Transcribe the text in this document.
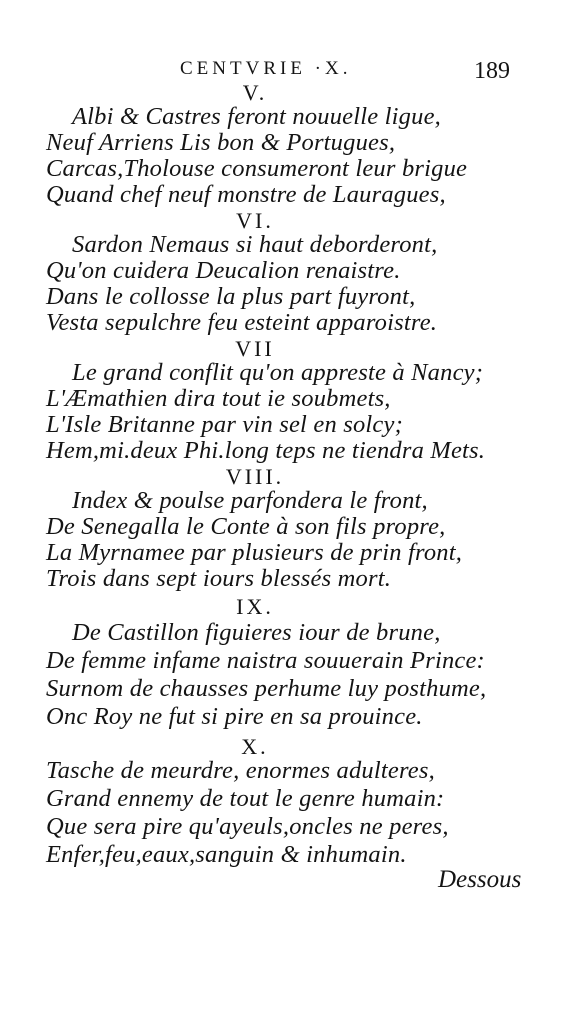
CENTVRIE ·X.	189
V.
Albi & Castres feront nouuelle ligue,
Neuf Arriens Lis bon & Portugues,
Carcas,Tholouse consumeront leur brigue
Quand chef neuf monstre de Lauragues,
VI.
Sardon Nemaus si haut deborderont,
Qu'on cuidera Deucalion renaistre.
Dans le collosse la plus part fuyront,
Vesta sepulchre feu esteint apparoistre.
VII
Le grand conflit qu'on appreste à Nancy;
L'Æmathien dira tout ie soubmets,
L'Isle Britanne par vin sel en solcy;
Hem,mi.deux Phi.long teps ne tiendra Mets.
VIII.
Index & poulse parfondera le front,
De Senegalla le Conte à son fils propre,
La Myrnamee par plusieurs de prin front,
Trois dans sept iours blessés mort.
IX.
De Castillon figuieres iour de brune,
De femme infame naistra souuerain Prince:
Surnom de chausses perhume luy posthume,
Onc Roy ne fut si pire en sa prouince.
X.
Tasche de meurdre, enormes adulteres,
Grand ennemy de tout le genre humain:
Que sera pire qu'ayeuls,oncles ne peres,
Enfer,feu,eaux,sanguin & inhumain.
Dessous
